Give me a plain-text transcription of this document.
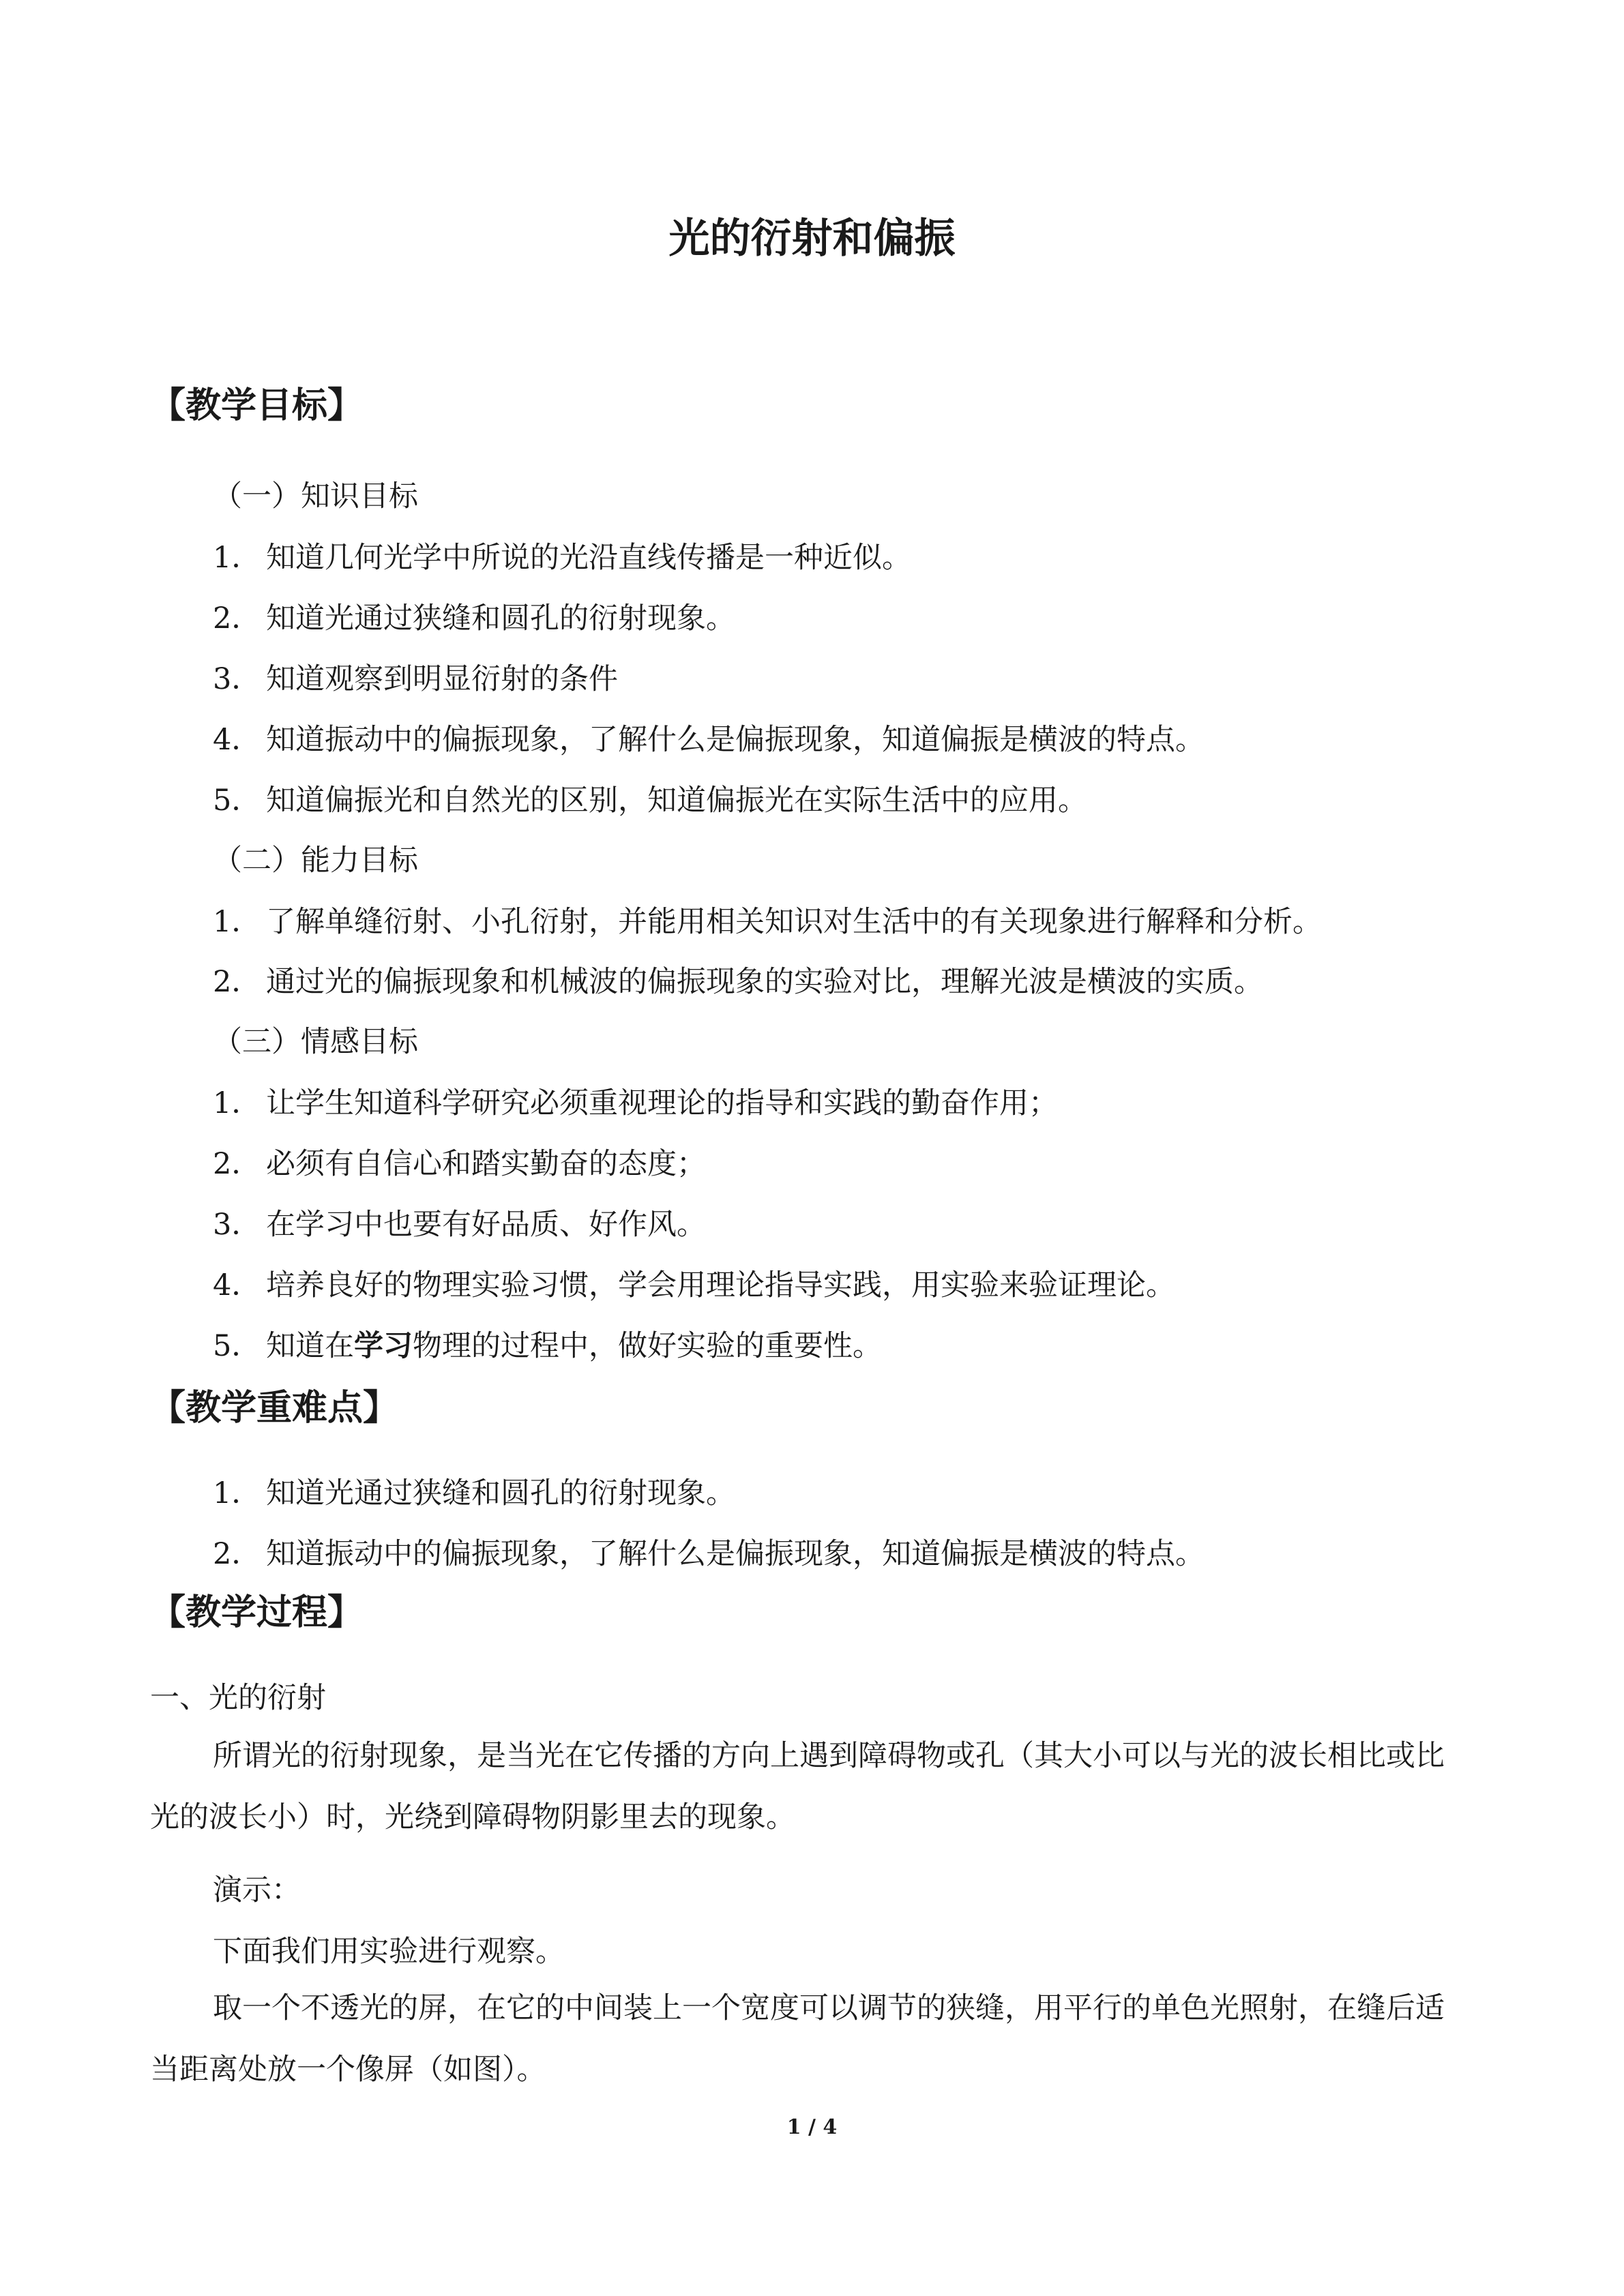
光的衍射和偏振
【教学目标】
（一）知识目标
1． 知道几何光学中所说的光沿直线传播是一种近似。
2． 知道光通过狭缝和圆孔的衍射现象。
3． 知道观察到明显衍射的条件
4． 知道振动中的偏振现象，了解什么是偏振现象，知道偏振是横波的特点。
5． 知道偏振光和自然光的区别，知道偏振光在实际生活中的应用。
（二）能力目标
1． 了解单缝衍射、小孔衍射，并能用相关知识对生活中的有关现象进行解释和分析。
2． 通过光的偏振现象和机械波的偏振现象的实验对比，理解光波是横波的实质。
（三）情感目标
1． 让学生知道科学研究必须重视理论的指导和实践的勤奋作用；
2． 必须有自信心和踏实勤奋的态度；
3． 在学习中也要有好品质、好作风。
4． 培养良好的物理实验习惯，学会用理论指导实践，用实验来验证理论。
5． 知道在学习物理的过程中，做好实验的重要性。
【教学重难点】
1． 知道光通过狭缝和圆孔的衍射现象。
2． 知道振动中的偏振现象，了解什么是偏振现象，知道偏振是横波的特点。
【教学过程】
一、光的衍射
所谓光的衍射现象，是当光在它传播的方向上遇到障碍物或孔（其大小可以与光的波长相比或比光的波长小）时，光绕到障碍物阴影里去的现象。
演示：
下面我们用实验进行观察。
取一个不透光的屏，在它的中间装上一个宽度可以调节的狭缝，用平行的单色光照射，在缝后适当距离处放一个像屏（如图）。
1 / 4
